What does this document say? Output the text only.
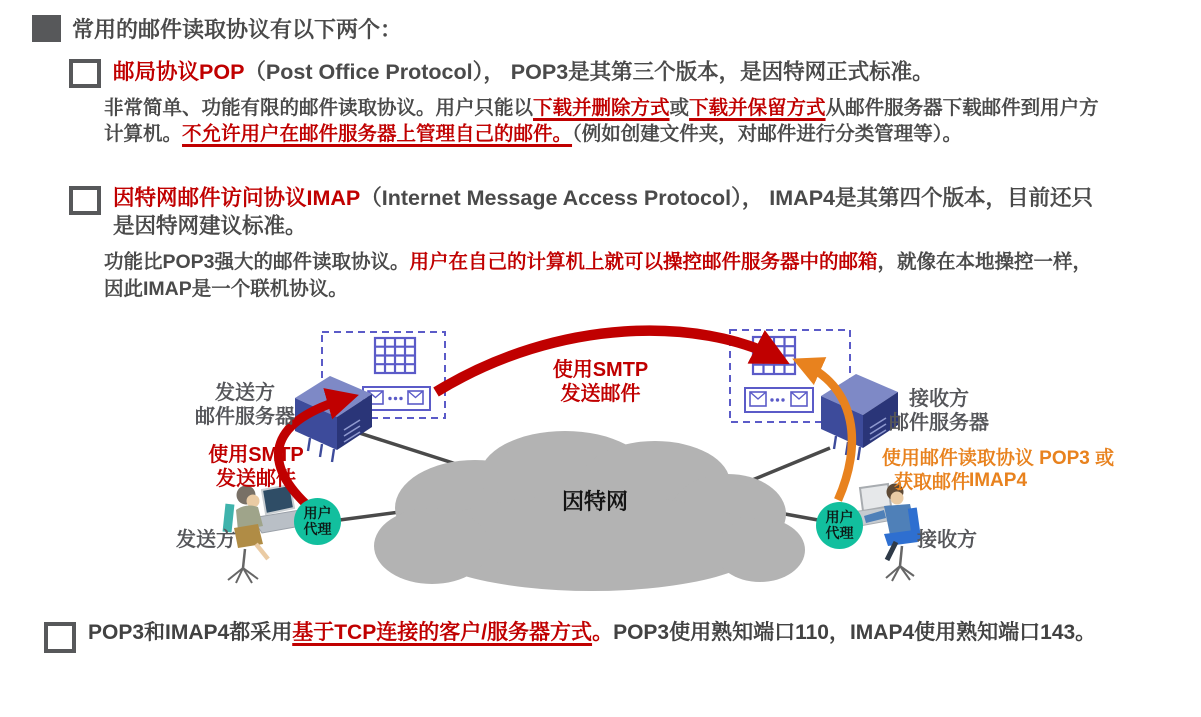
常用的邮件读取协议有以下两个：
邮局协议POP（Post Office Protocol）， POP3是其第三个版本，是因特网正式标准。
非常简单、功能有限的邮件读取协议。用户只能以下载并删除方式或下载并保留方式从邮件服务器下载邮件到用户方计算机。不允许用户在邮件服务器上管理自己的邮件。（例如创建文件夹，对邮件进行分类管理等）。
因特网邮件访问协议IMAP（Internet Message Access Protocol）， IMAP4是其第四个版本，目前还只是因特网建议标准。
功能比POP3强大的邮件读取协议。用户在自己的计算机上就可以操控邮件服务器中的邮箱，就像在本地操控一样，因此IMAP是一个联机协议。
发送方
邮件服务器
接收方
邮件服务器
使用SMTP
发送邮件
使用SMTP
发送邮件
使用邮件读取协议 POP3 或IMAP4
获取邮件
因特网
用户
代理
用户
代理
发送方	接收方
POP3和IMAP4都采用基于TCP连接的客户/服务器方式。POP3使用熟知端口110，IMAP4使用熟知端口143。
